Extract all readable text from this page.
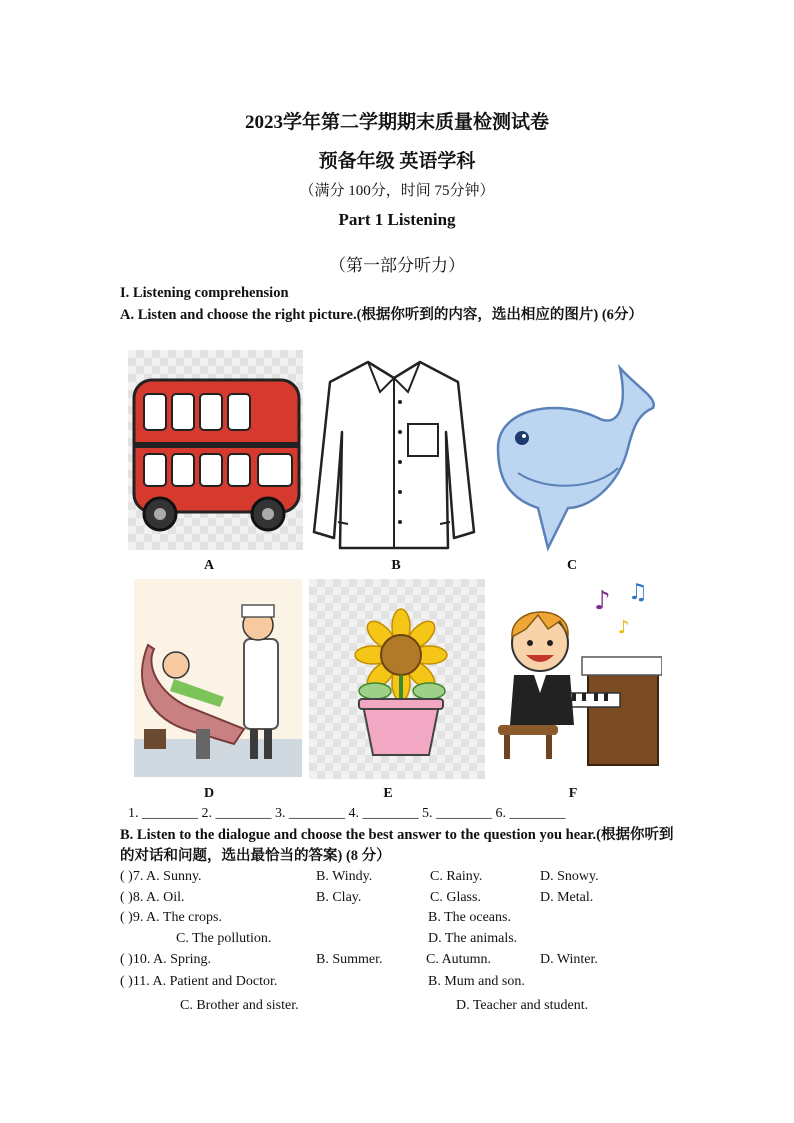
2023学年第二学期期末质量检测试卷
预备年级 英语学科
（满分 100分，时间 75分钟）
Part 1 Listening
（第一部分听力）
I. Listening comprehension
A. Listen and choose the right picture.(根据你听到的内容，选出相应的图片) (6分）
A	B	C
D	E
♪ ♫
♪
F
1. ________ 2. ________ 3. ________ 4. ________ 5. ________ 6. ________
B. Listen to the dialogue and choose the best answer to the question you hear.(根据你听到的对话和问题，选出最恰当的答案) (8 分）
( )7. A. Sunny.	B. Windy.	C. Rainy.	D. Snowy.
( )8. A. Oil.	B. Clay.	C. Glass.	D. Metal.
( )9. A. The crops.	B. The oceans.
C. The pollution.	D. The animals.
( )10. A. Spring.	B. Summer.	C. Autumn.	D. Winter.
( )11. A. Patient and Doctor.	B. Mum and son.
C. Brother and sister.	D. Teacher and student.
